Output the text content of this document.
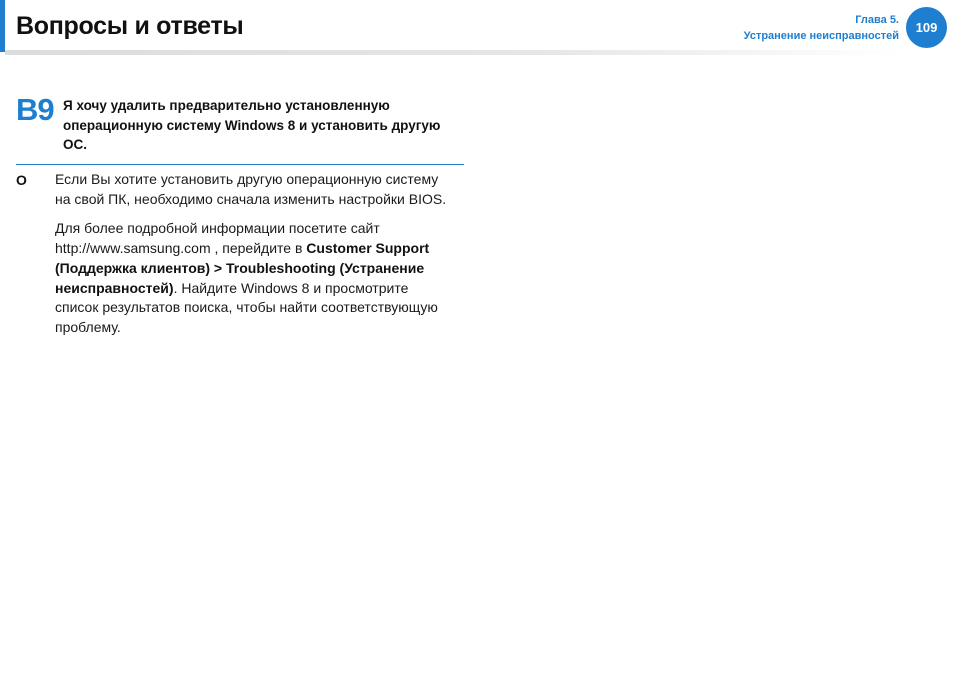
Вопросы и ответы	Глава 5.
Устранение неисправностей
109
B9 Я хочу удалить предварительно установленную операционную систему Windows 8 и установить другую ОС.

O Если Вы хотите установить другую операционную систему на свой ПК, необходимо сначала изменить настройки BIOS.

Для более подробной информации посетите сайт http://www.samsung.com , перейдите в Customer Support (Поддержка клиентов) > Troubleshooting (Устранение неисправностей). Найдите Windows 8 и просмотрите список результатов поиска, чтобы найти соответствующую проблему.
